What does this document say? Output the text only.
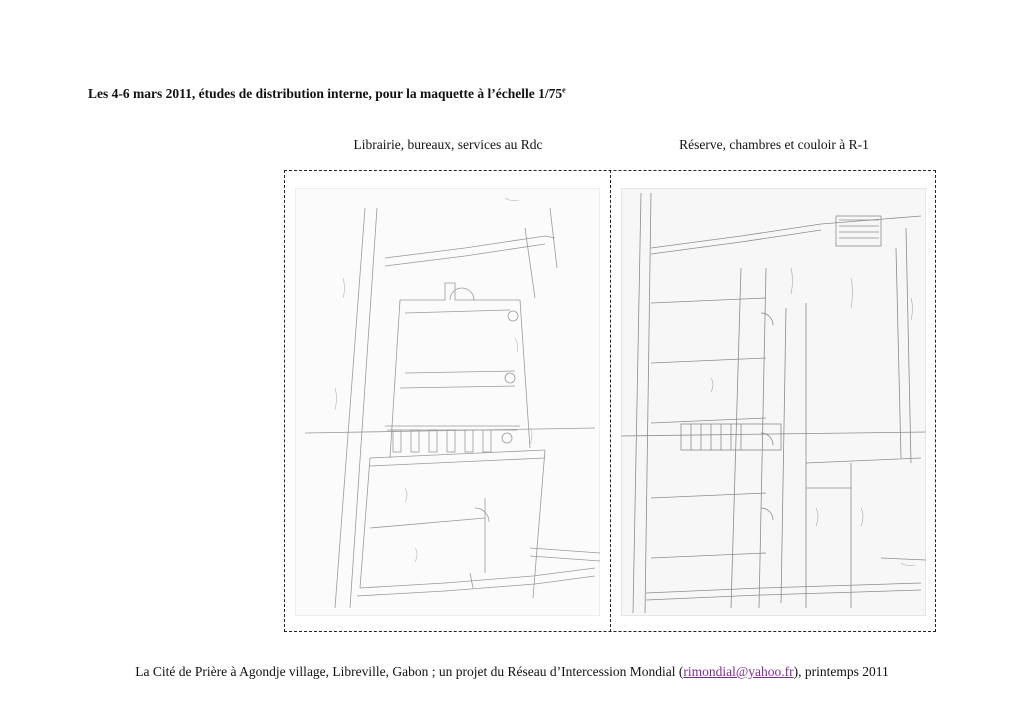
Les 4-6 mars 2011, études de distribution interne, pour la maquette à l’échelle 1/75e
Librairie, bureaux, services au Rdc	Réserve, chambres et couloir à R-1
La Cité de Prière à Agondje village, Libreville, Gabon ; un projet du Réseau d’Intercession Mondial (rimondial@yahoo.fr), printemps 2011
